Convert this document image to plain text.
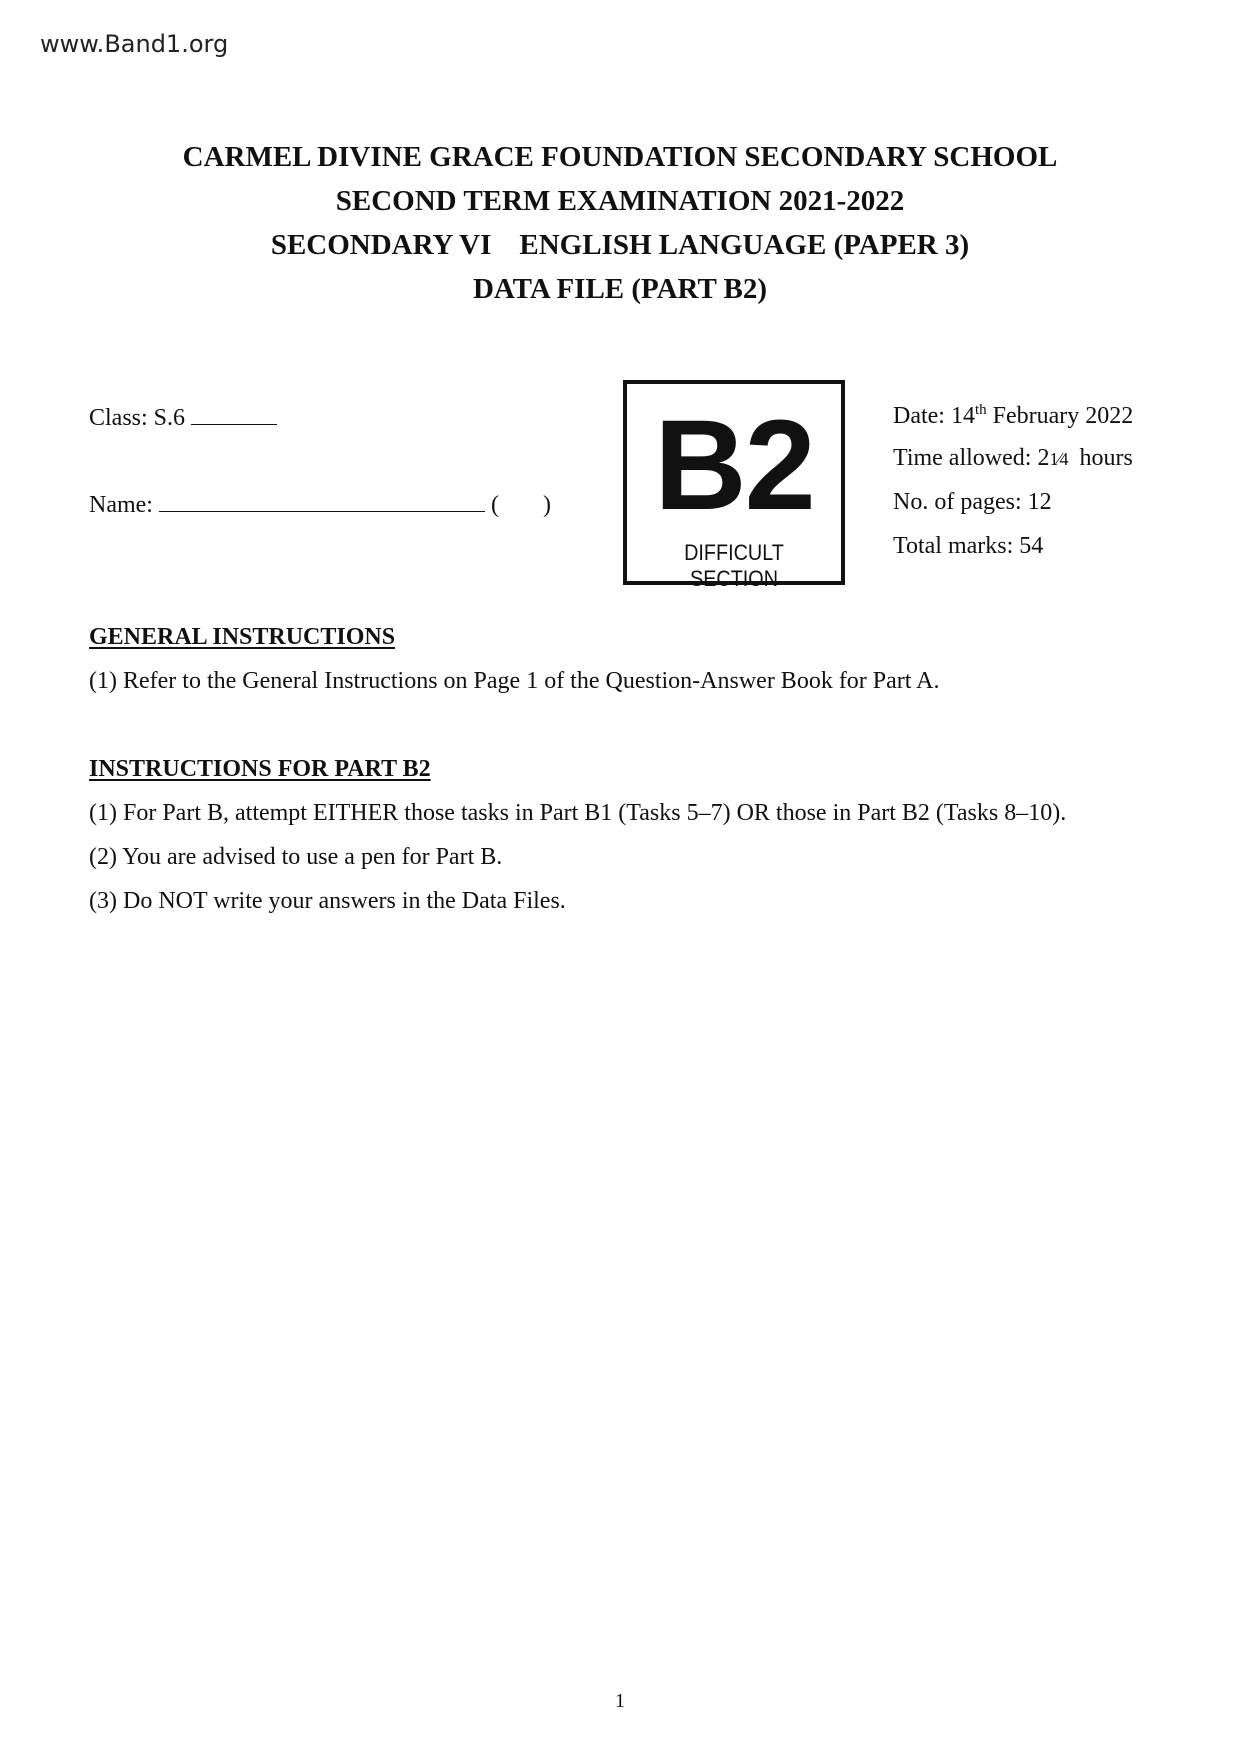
www.Band1.org
CARMEL DIVINE GRACE FOUNDATION SECONDARY SCHOOL
SECOND TERM EXAMINATION 2021-2022
SECONDARY VI ENGLISH LANGUAGE (PAPER 3)
DATA FILE (PART B2)
Class: S.6
Name:	( ) B2
DIFFICULT SECTION
Date: 14th February 2022
Time allowed: 21⁄4  hours
No. of pages: 12
Total marks: 54
GENERAL INSTRUCTIONS
(1) Refer to the General Instructions on Page 1 of the Question-Answer Book for Part A.
INSTRUCTIONS FOR PART B2
(1) For Part B, attempt EITHER those tasks in Part B1 (Tasks 5–7) OR those in Part B2 (Tasks 8–10).
(2) You are advised to use a pen for Part B.
(3) Do NOT write your answers in the Data Files.
1
